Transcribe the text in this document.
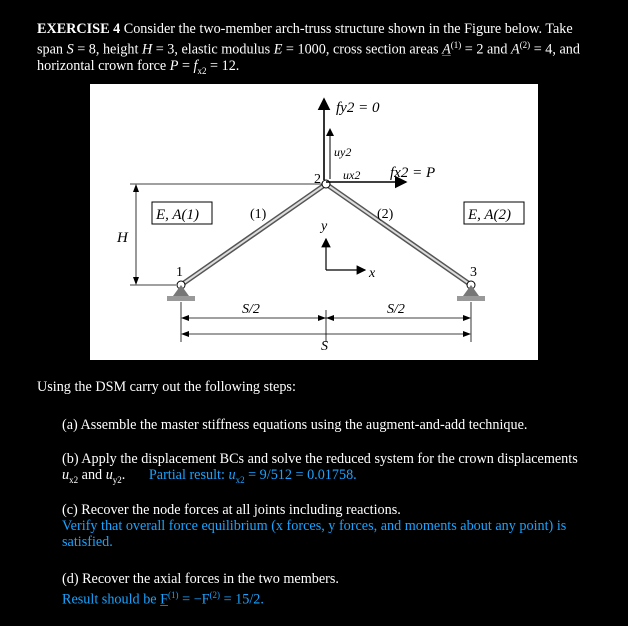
EXERCISE 4 Consider the two-member arch-truss structure shown in the Figure below. Take
span S = 8, height H = 3, elastic modulus E = 1000, cross section areas $A^{(1)} = 2$ and $A^{(2)} = 4$, and
horizontal crown force $P = f_{x2} = 12$.
fy2 = 0
uy2
ux2 fx2 = P
2
1	3
(1)	(2)
E, A(1)	E, A(2)
H
y
x
S/2	S/2
S
Using the DSM carry out the following steps:
(a) Assemble the master stiffness equations using the augment-and-add technique.
(b) Apply the displacement BCs and solve the reduced system for the crown displacements
$u_{x2}$ and $u_{y2}$. Partial result: $u_{x2} = 9/512 = 0.01758$.
(c) Recover the node forces at all joints including reactions.
Verify that overall force equilibrium (x forces, y forces, and moments about any point) is
satisfied.
(d) Recover the axial forces in the two members.
Result should be $F^{(1)} = -F^{(2)} = 15/2$.
